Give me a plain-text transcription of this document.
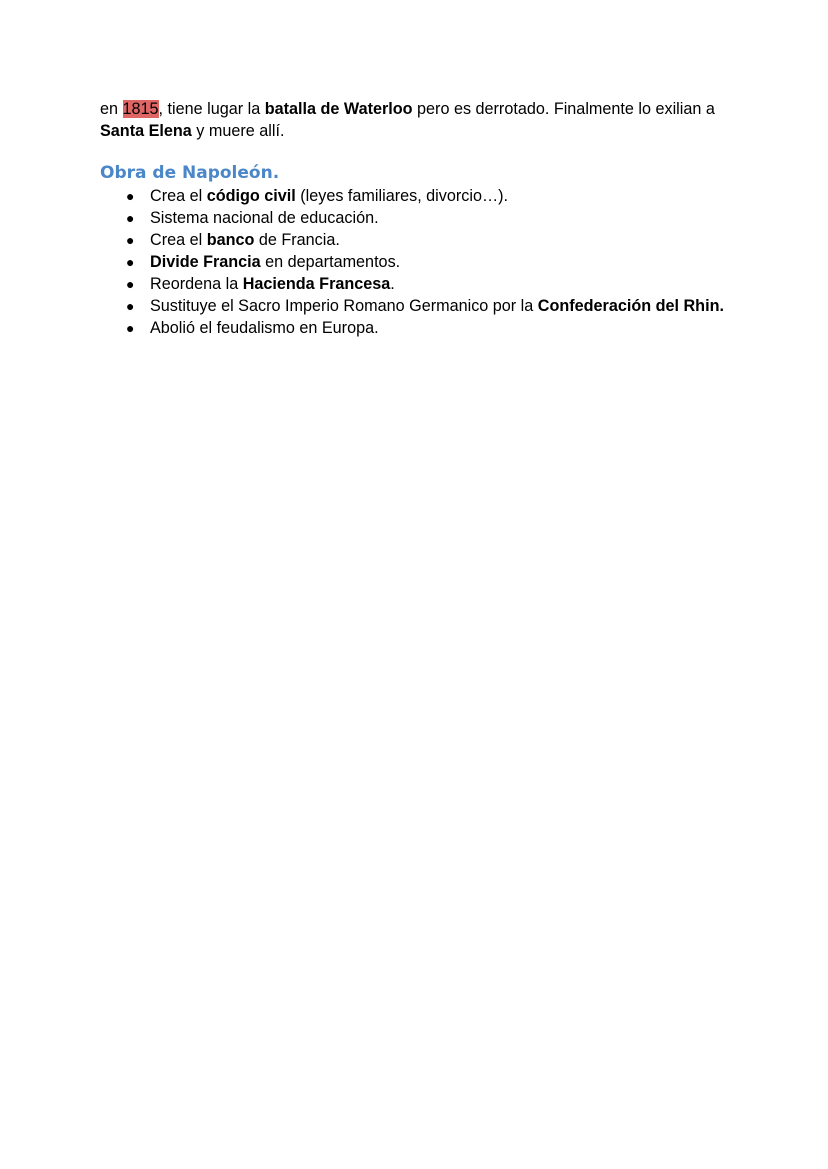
en 1815, tiene lugar la batalla de Waterloo pero es derrotado. Finalmente lo exilian a Santa Elena y muere allí.

Obra de Napoleón.
● Crea el código civil (leyes familiares, divorcio…).
● Sistema nacional de educación.
● Crea el banco de Francia.
● Divide Francia en departamentos.
● Reordena la Hacienda Francesa.
● Sustituye el Sacro Imperio Romano Germanico por la Confederación del Rhin.
● Abolió el feudalismo en Europa.
